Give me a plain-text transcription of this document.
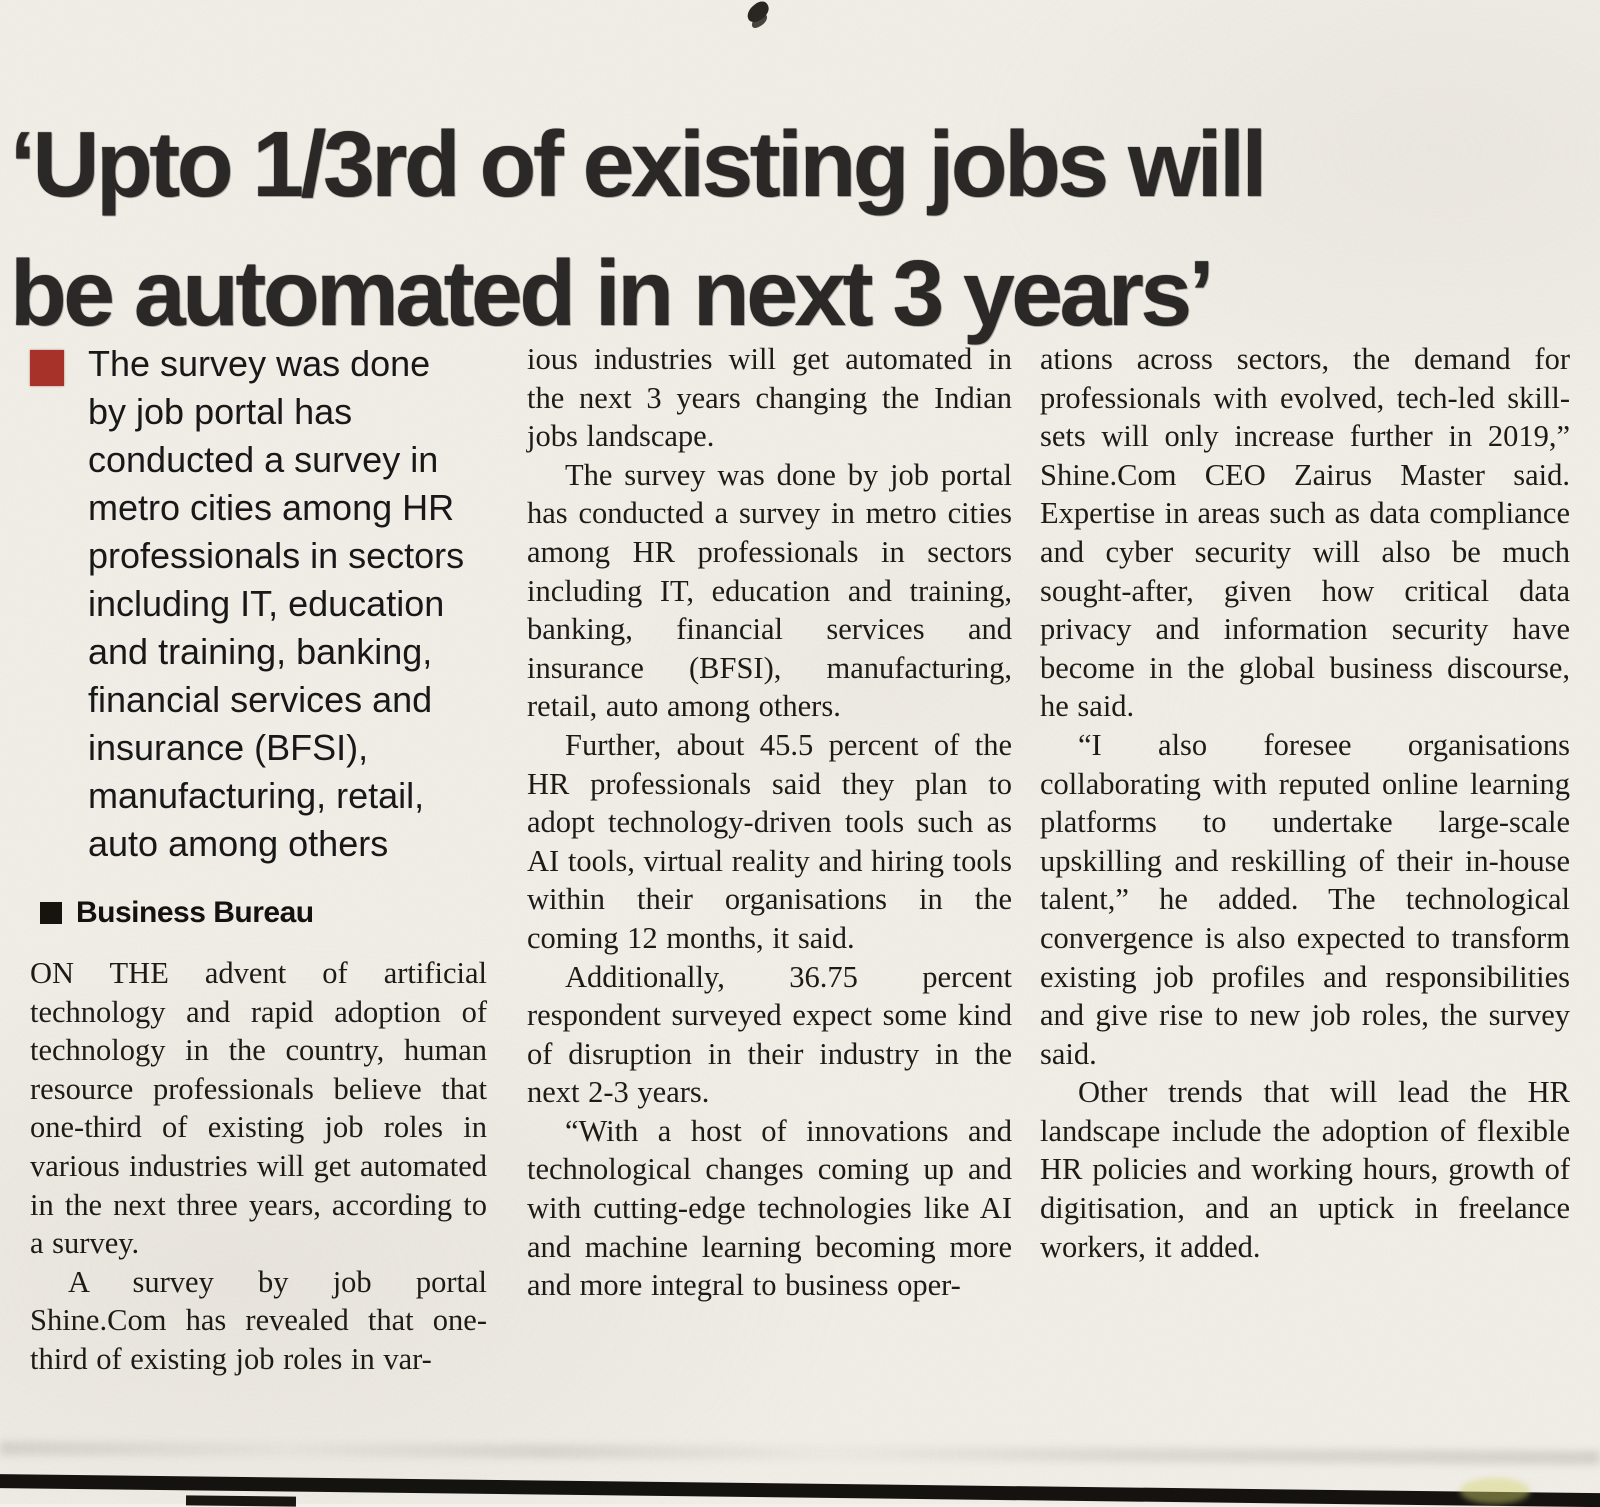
‘Upto 1/3rd of existing jobs will
be automated in next 3 years’
The survey was done by job portal has conducted a survey in metro cities among HR professionals in sectors including IT, education and training, banking, financial services and insurance (BFSI), manufacturing, retail, auto among others
Business Bureau

ON THE advent of artificial technology and rapid adoption of technology in the country, human resource professionals believe that one-third of existing job roles in various industries will get automated in the next three years, according to a survey.

A survey by job portal Shine.Com has revealed that one-third of existing job roles in var-

ious industries will get automated in the next 3 years changing the Indian jobs landscape.

The survey was done by job portal has conducted a survey in metro cities among HR professionals in sectors including IT, education and training, banking, financial services and insurance (BFSI), manufacturing, retail, auto among others.

Further, about 45.5 percent of the HR professionals said they plan to adopt technology-driven tools such as AI tools, virtual reality and hiring tools within their organisations in the coming 12 months, it said.

Additionally, 36.75 percent respondent surveyed expect some kind of disruption in their industry in the next 2-3 years.

“With a host of innovations and technological changes coming up and with cutting-edge technologies like AI and machine learning becoming more and more integral to business oper-

ations across sectors, the demand for professionals with evolved, tech-led skill-sets will only increase further in 2019,” Shine.Com CEO Zairus Master said. Expertise in areas such as data compliance and cyber security will also be much sought-after, given how critical data privacy and information security have become in the global business discourse, he said.

“I also foresee organisations collaborating with reputed online learning platforms to undertake large-scale upskilling and reskilling of their in-house talent,” he added. The technological convergence is also expected to transform existing job profiles and responsibilities and give rise to new job roles, the survey said.

Other trends that will lead the HR landscape include the adoption of flexible HR policies and working hours, growth of digitisation, and an uptick in freelance workers, it added.
